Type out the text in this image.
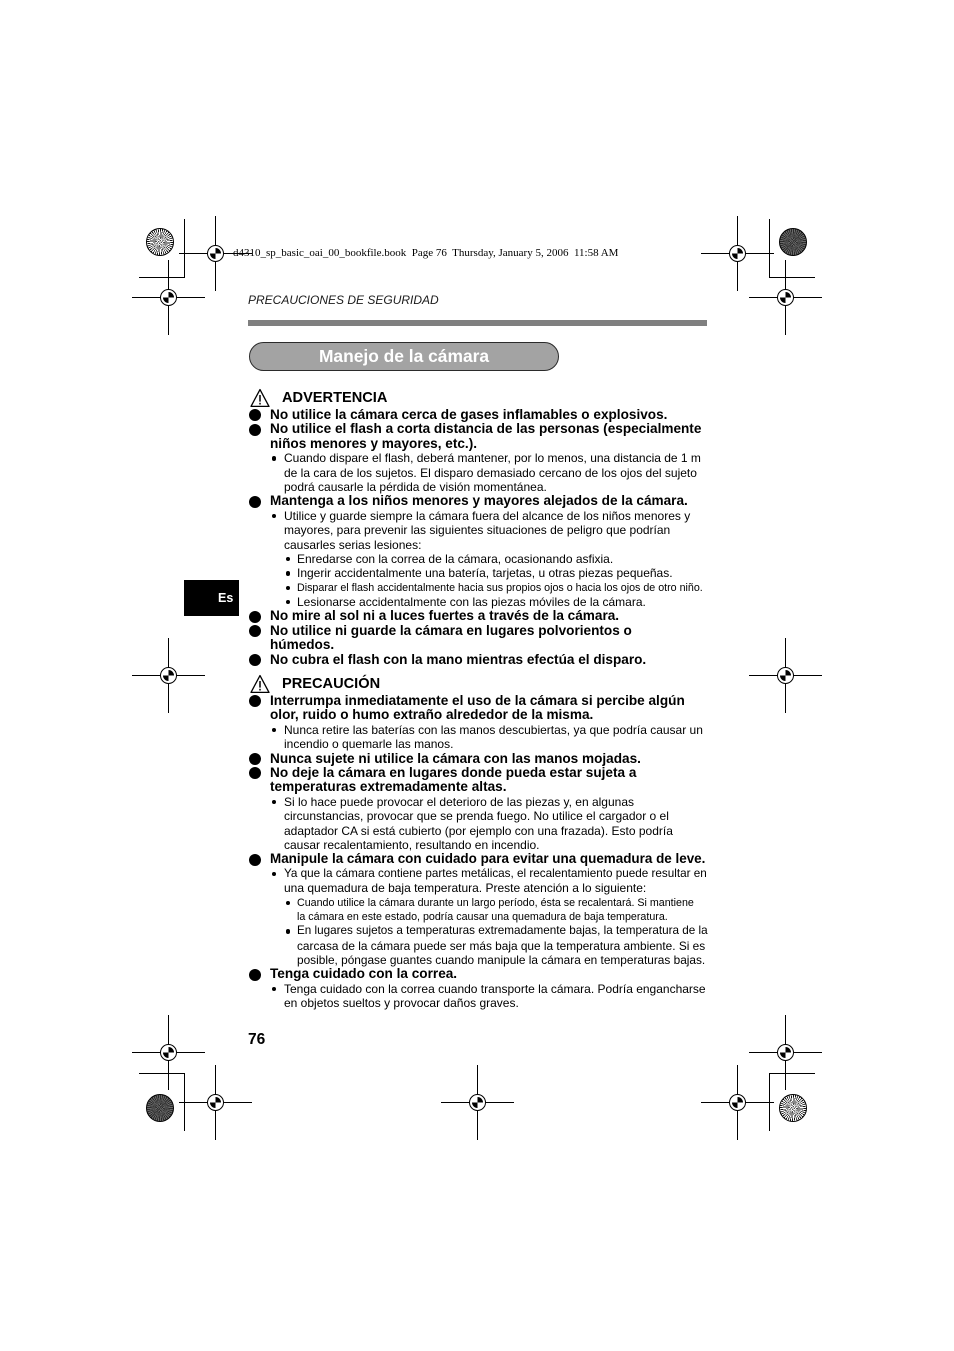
d4310_sp_basic_oai_00_bookfile.book  Page 76  Thursday, January 5, 2006  11:58 AM
PRECAUCIONES DE SEGURIDAD
Manejo de la cámara
Es
76
ADVERTENCIA
No utilice la cámara cerca de gases inflamables o explosivos.
No utilice el flash a corta distancia de las personas (especialmente
niños menores y mayores, etc.).
Cuando dispare el flash, deberá mantener, por lo menos, una distancia de 1 m
de la cara de los sujetos. El disparo demasiado cercano de los ojos del sujeto
podrá causarle la pérdida de visión momentánea.
Mantenga a los niños menores y mayores alejados de la cámara.
Utilice y guarde siempre la cámara fuera del alcance de los niños menores y
mayores, para prevenir las siguientes situaciones de peligro que podrían
causarles serias lesiones:
Enredarse con la correa de la cámara, ocasionando asfixia.
Ingerir accidentalmente una batería, tarjetas, u otras piezas pequeñas.
Disparar el flash accidentalmente hacia sus propios ojos o hacia los ojos de otro niño.
Lesionarse accidentalmente con las piezas móviles de la cámara.
No mire al sol ni a luces fuertes a través de la cámara.
No utilice ni guarde la cámara en lugares polvorientos o
húmedos.
No cubra el flash con la mano mientras efectúa el disparo.
PRECAUCIÓN
Interrumpa inmediatamente el uso de la cámara si percibe algún
olor, ruido o humo extraño alrededor de la misma.
Nunca retire las baterías con las manos descubiertas, ya que podría causar un
incendio o quemarle las manos.
Nunca sujete ni utilice la cámara con las manos mojadas.
No deje la cámara en lugares donde pueda estar sujeta a
temperaturas extremadamente altas.
Si lo hace puede provocar el deterioro de las piezas y, en algunas
circunstancias, provocar que se prenda fuego. No utilice el cargador o el
adaptador CA si está cubierto (por ejemplo con una frazada). Esto podría
causar recalentamiento, resultando en incendio.
Manipule la cámara con cuidado para evitar una quemadura de leve.
Ya que la cámara contiene partes metálicas, el recalentamiento puede resultar en
una quemadura de baja temperatura. Preste atención a lo siguiente:
Cuando utilice la cámara durante un largo período, ésta se recalentará. Si mantiene
la cámara en este estado, podría causar una quemadura de baja temperatura.
En lugares sujetos a temperaturas extremadamente bajas, la temperatura de la
carcasa de la cámara puede ser más baja que la temperatura ambiente. Si es
posible, póngase guantes cuando manipule la cámara en temperaturas bajas.
Tenga cuidado con la correa.
Tenga cuidado con la correa cuando transporte la cámara. Podría engancharse
en objetos sueltos y provocar daños graves.
